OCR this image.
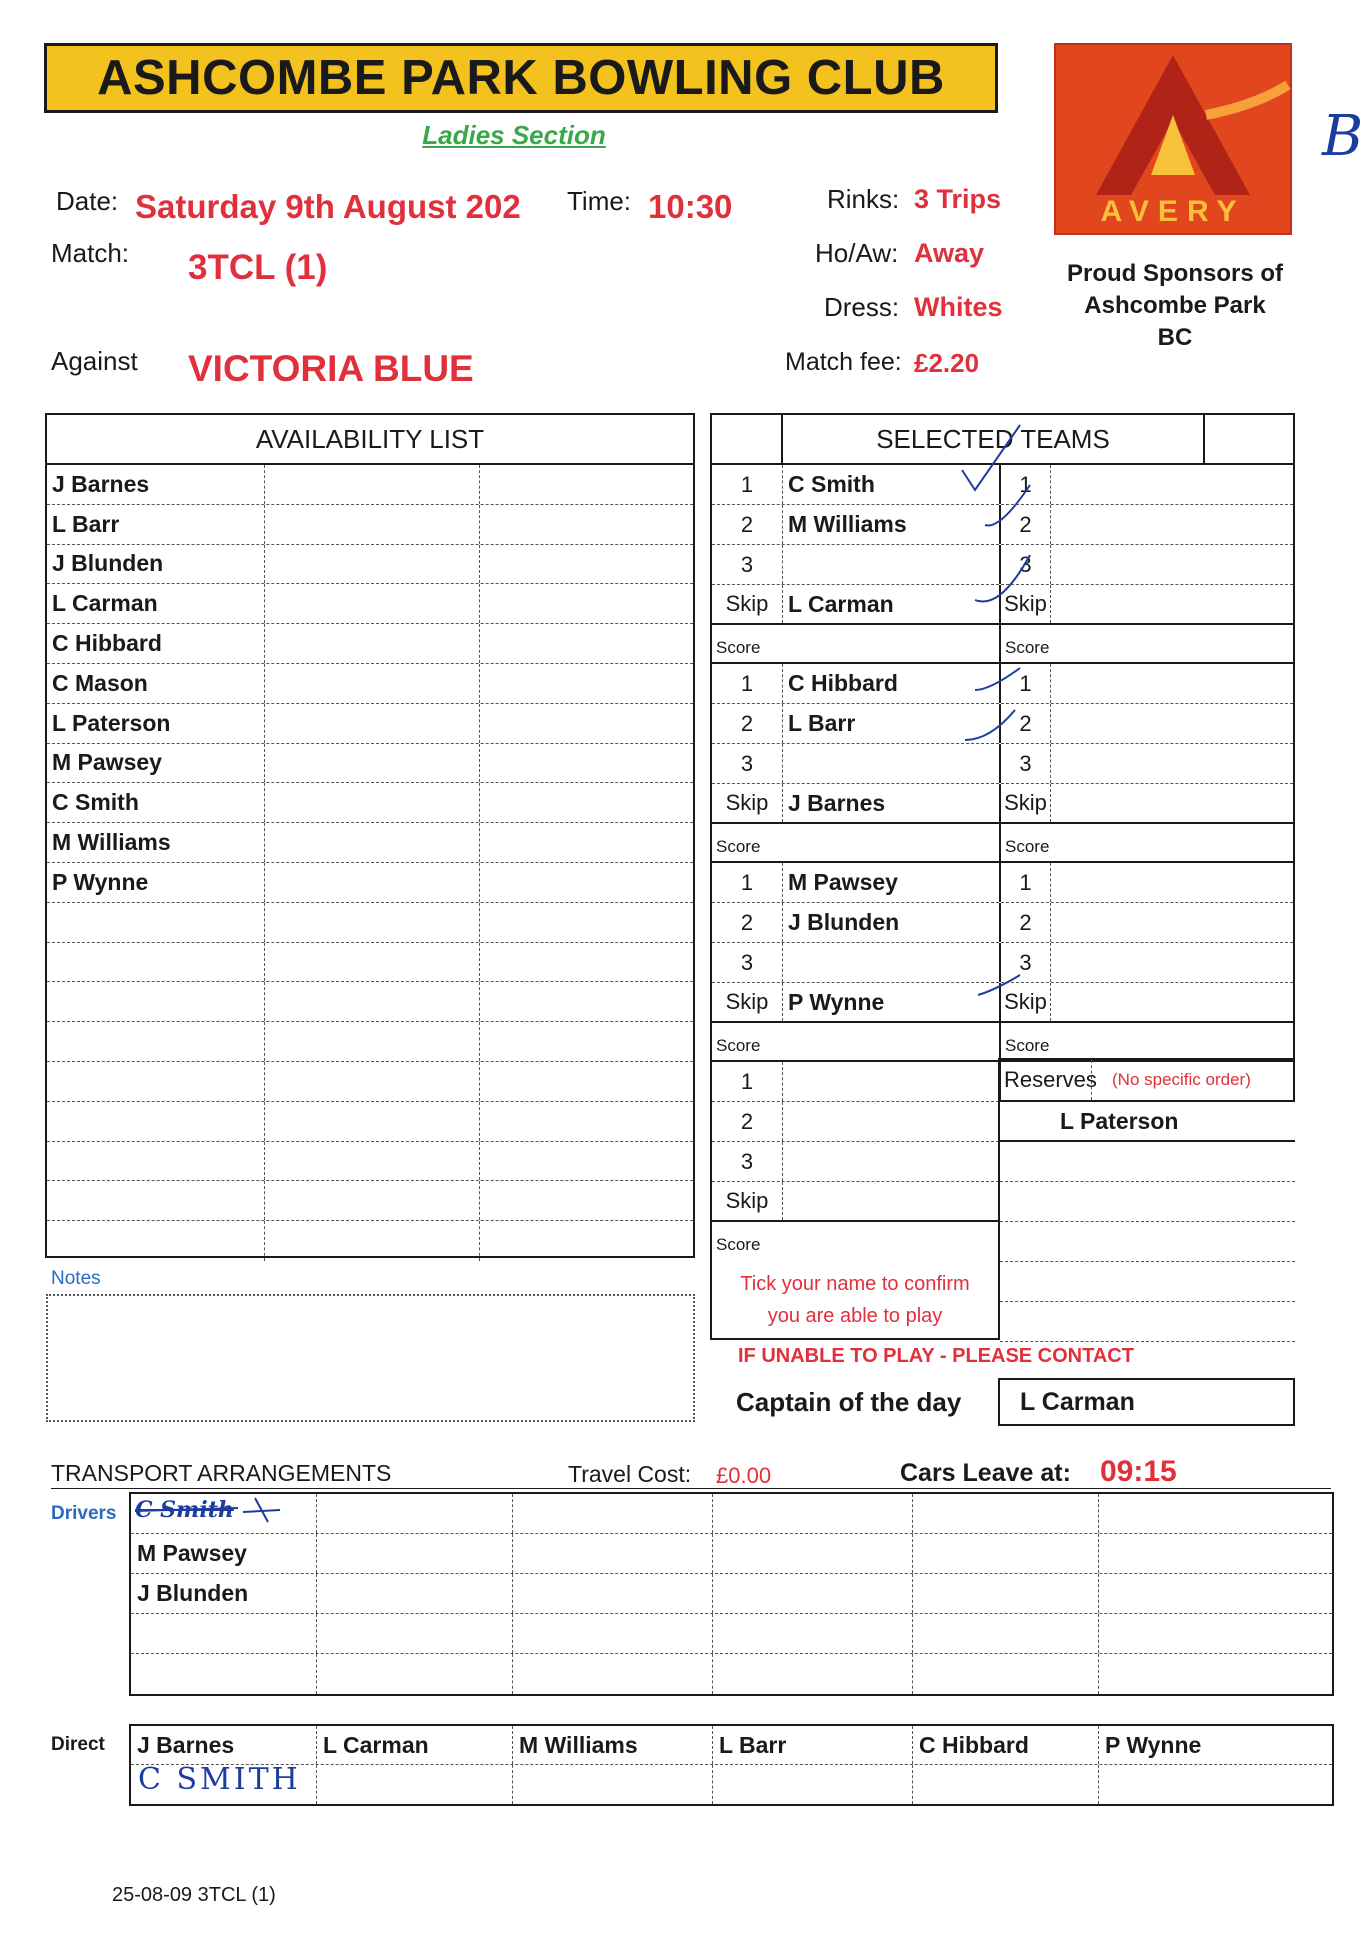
ASHCOMBE PARK BOWLING CLUB
Ladies Section
Date: Saturday 9th August 202 Time: 10:30	Rinks: 3 Trips
Match: 3TCL (1)	Ho/Aw: Away
Dress: Whites
Against VICTORIA BLUE	Match fee: £2.20
AVERY
B
Proud Sponsors of
Ashcombe Park
BC
AVAILABILITY LIST
J Barnes
L Barr
J Blunden
L Carman
C Hibbard
C Mason
L Paterson
M Pawsey
C Smith
M Williams
P Wynne
SELECTED TEAMS
1	C Smith	1
2	M Williams	2
3	3
Skip L Carman	Skip
Score	Score
1	C Hibbard	1
2	L Barr	2
3	3
Skip J Barnes	Skip
Score	Score
1	M Pawsey	1
2	J Blunden	2
3	3
Skip P Wynne	Skip
Score	Score
1
2
3
Skip
Score
Reserves (No specific order)
L Paterson
Notes	Tick your name to confirm
you are able to play
IF UNABLE TO PLAY - PLEASE CONTACT
Captain of the day L Carman
TRANSPORT ARRANGEMENTS	Travel Cost: £0.00	Cars Leave at: 09:15
Drivers
M Pawsey
J Blunden
Direct J Barnes	L Carman	M Williams	L Barr	C Hibbard	P Wynne
C SMITH
25-08-09 3TCL (1)
C Smith
